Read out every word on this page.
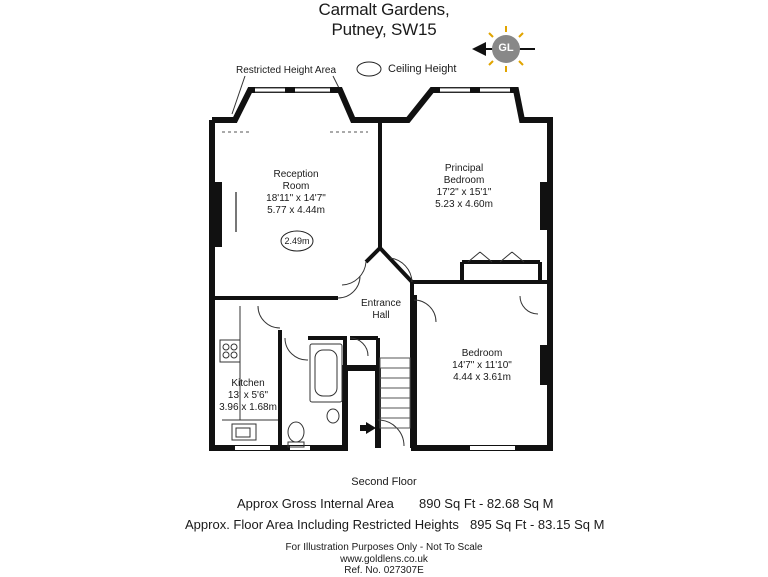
Carmalt Gardens,
Putney, SW15
Restricted Height Area	Ceiling Height
GL
Reception
Room
18'11" x 14'7"
5.77 x 4.44m
2.49m
Principal
Bedroom
17'2" x 15'1"
5.23 x 4.60m
Entrance
Hall
Bedroom
14'7" x 11'10"
4.44 x 3.61m
Kitchen
13' x 5'6"
3.96 x 1.68m
Second Floor
Approx Gross Internal Area 890 Sq Ft - 82.68 Sq M
Approx. Floor Area Including Restricted Heights 895 Sq Ft - 83.15 Sq M
For Illustration Purposes Only - Not To Scale
www.goldlens.co.uk
Ref. No. 027307E
